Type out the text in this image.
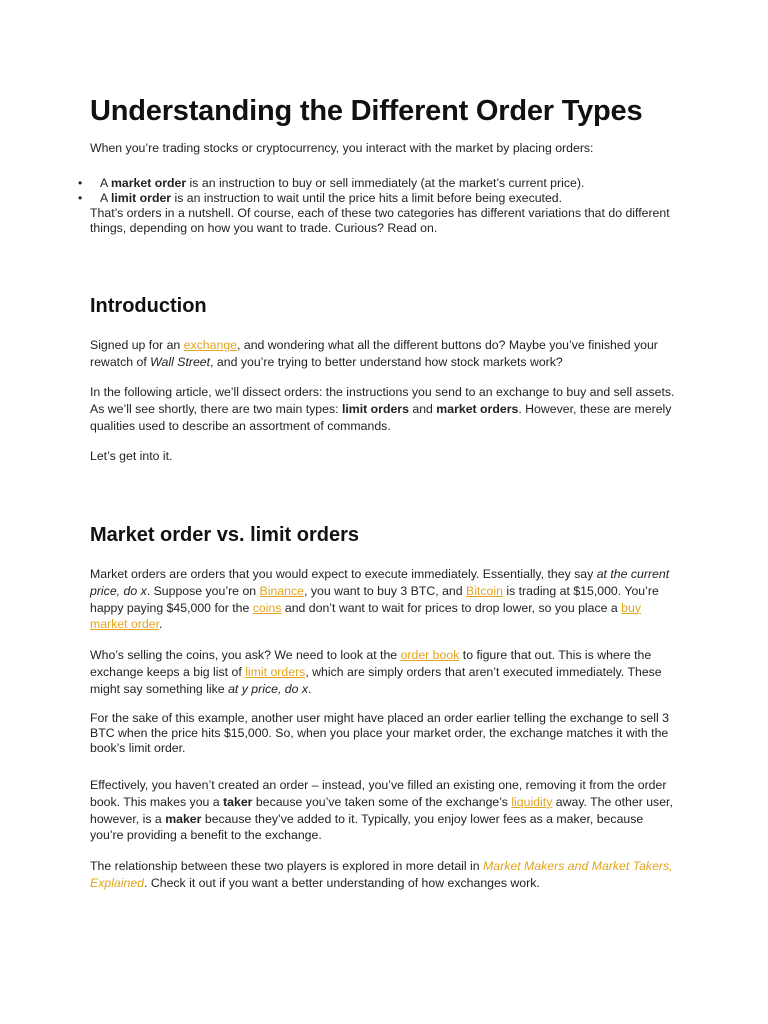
Understanding the Different Order Types

When you’re trading stocks or cryptocurrency, you interact with the market by placing orders:

• A market order is an instruction to buy or sell immediately (at the market’s current price).
• A limit order is an instruction to wait until the price hits a limit before being executed.

That’s orders in a nutshell. Of course, each of these two categories has different variations that do different things, depending on how you want to trade. Curious? Read on.

Introduction

Signed up for an exchange, and wondering what all the different buttons do? Maybe you’ve finished your rewatch of Wall Street, and you’re trying to better understand how stock markets work?

In the following article, we’ll dissect orders: the instructions you send to an exchange to buy and sell assets. As we’ll see shortly, there are two main types: limit orders and market orders. However, these are merely qualities used to describe an assortment of commands.

Let’s get into it.

Market order vs. limit orders

Market orders are orders that you would expect to execute immediately. Essentially, they say at the current price, do x. Suppose you’re on Binance, you want to buy 3 BTC, and Bitcoin is trading at $15,000. You’re happy paying $45,000 for the coins and don’t want to wait for prices to drop lower, so you place a buy market order.

Who’s selling the coins, you ask? We need to look at the order book to figure that out. This is where the exchange keeps a big list of limit orders, which are simply orders that aren’t executed immediately. These might say something like at y price, do x.

For the sake of this example, another user might have placed an order earlier telling the exchange to sell 3 BTC when the price hits $15,000. So, when you place your market order, the exchange matches it with the book’s limit order.

Effectively, you haven’t created an order – instead, you’ve filled an existing one, removing it from the order book. This makes you a taker because you’ve taken some of the exchange’s liquidity away. The other user, however, is a maker because they’ve added to it. Typically, you enjoy lower fees as a maker, because you’re providing a benefit to the exchange.

The relationship between these two players is explored in more detail in Market Makers and Market Takers, Explained. Check it out if you want a better understanding of how exchanges work.
